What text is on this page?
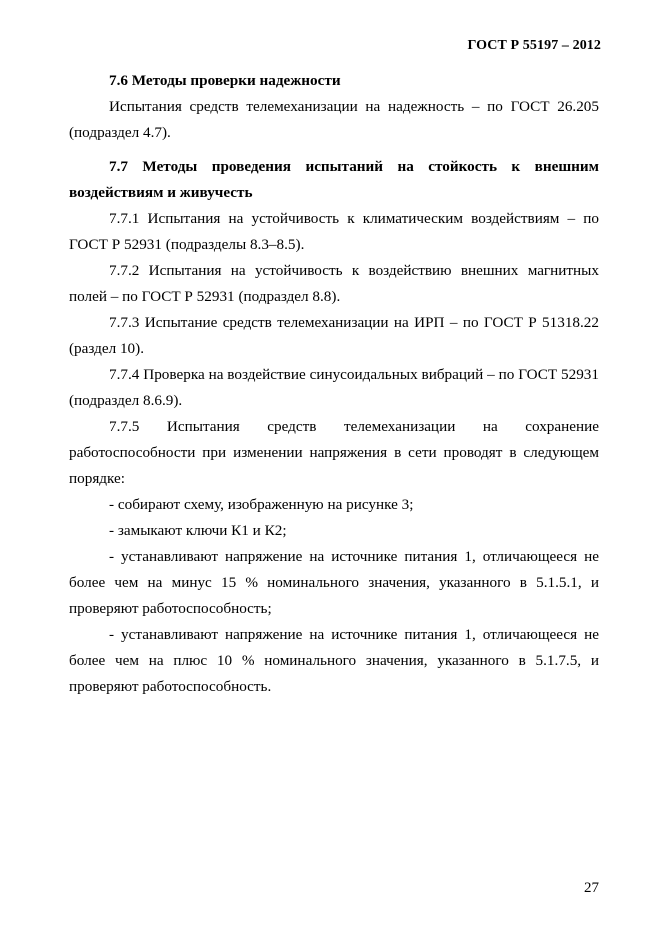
ГОСТ Р 55197 – 2012

7.6 Методы проверки надежности

Испытания средств телемеханизации на надежность – по ГОСТ 26.205 (подраздел 4.7).

7.7 Методы проведения испытаний на стойкость к внешним воздействиям и живучесть

7.7.1 Испытания на устойчивость к климатическим воздействиям – по ГОСТ Р 52931 (подразделы 8.3–8.5).

7.7.2 Испытания на устойчивость к воздействию внешних магнитных полей – по ГОСТ Р 52931 (подраздел 8.8).

7.7.3 Испытание средств телемеханизации на ИРП – по ГОСТ Р 51318.22 (раздел 10).

7.7.4 Проверка на воздействие синусоидальных вибраций – по ГОСТ 52931 (подраздел 8.6.9).

7.7.5 Испытания средств телемеханизации на сохранение работоспособности при изменении напряжения в сети проводят в следующем порядке:

- собирают схему, изображенную на рисунке 3;

- замыкают ключи К1 и К2;

- устанавливают напряжение на источнике питания 1, отличающееся не более чем на минус 15 % номинального значения, указанного в 5.1.5.1, и проверяют работоспособность;

- устанавливают напряжение на источнике питания 1, отличающееся не более чем на плюс 10 % номинального значения, указанного в 5.1.7.5, и проверяют работоспособность.

27
